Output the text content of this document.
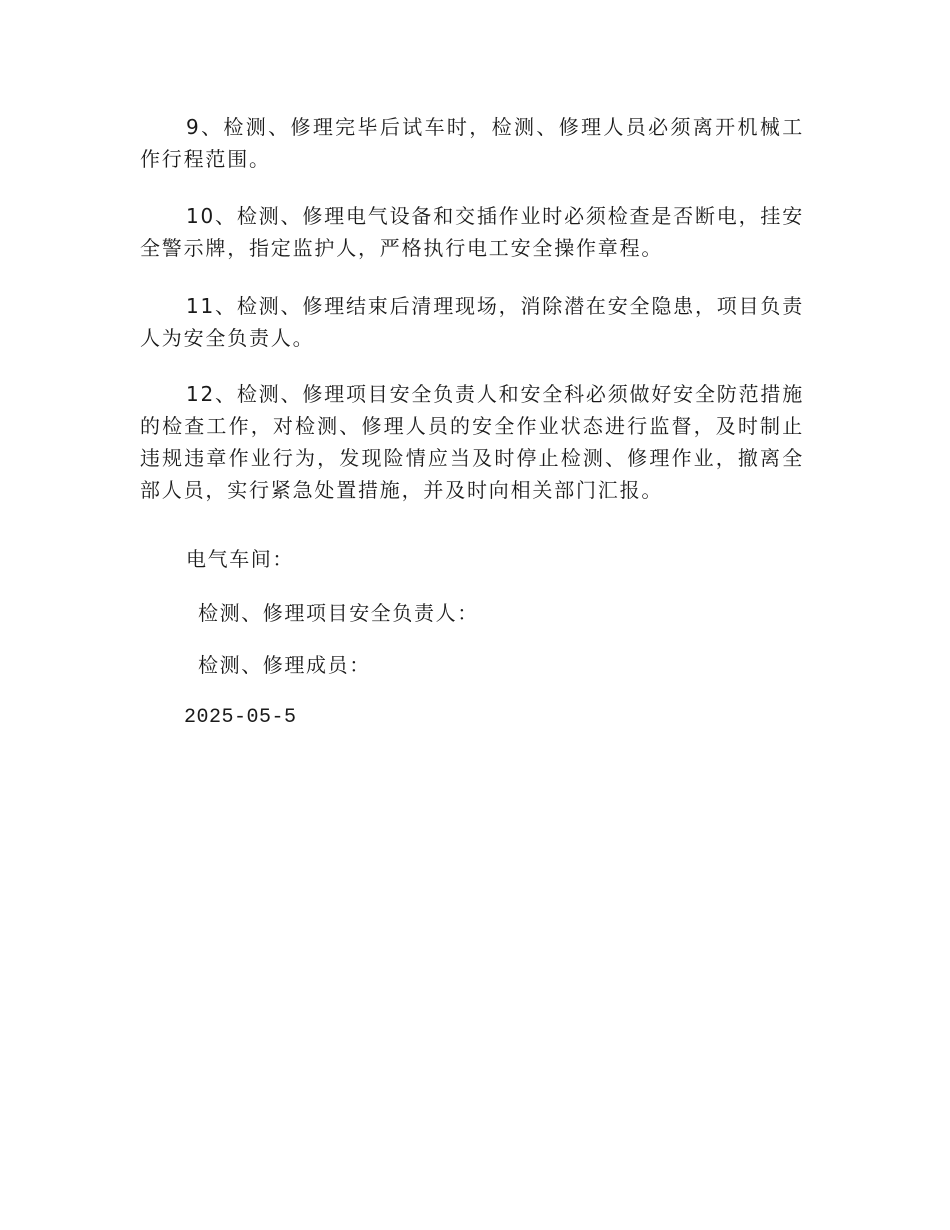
9、检测、修理完毕后试车时，检测、修理人员必须离开机械工作行程范围。

10、检测、修理电气设备和交插作业时必须检查是否断电，挂安全警示牌，指定监护人，严格执行电工安全操作章程。

11、检测、修理结束后清理现场，消除潜在安全隐患，项目负责人为安全负责人。

12、检测、修理项目安全负责人和安全科必须做好安全防范措施的检查工作，对检测、修理人员的安全作业状态进行监督，及时制止违规违章作业行为，发现险情应当及时停止检测、修理作业，撤离全部人员，实行紧急处置措施，并及时向相关部门汇报。

电气车间：

检测、修理项目安全负责人：

检测、修理成员：

2025-05-5
